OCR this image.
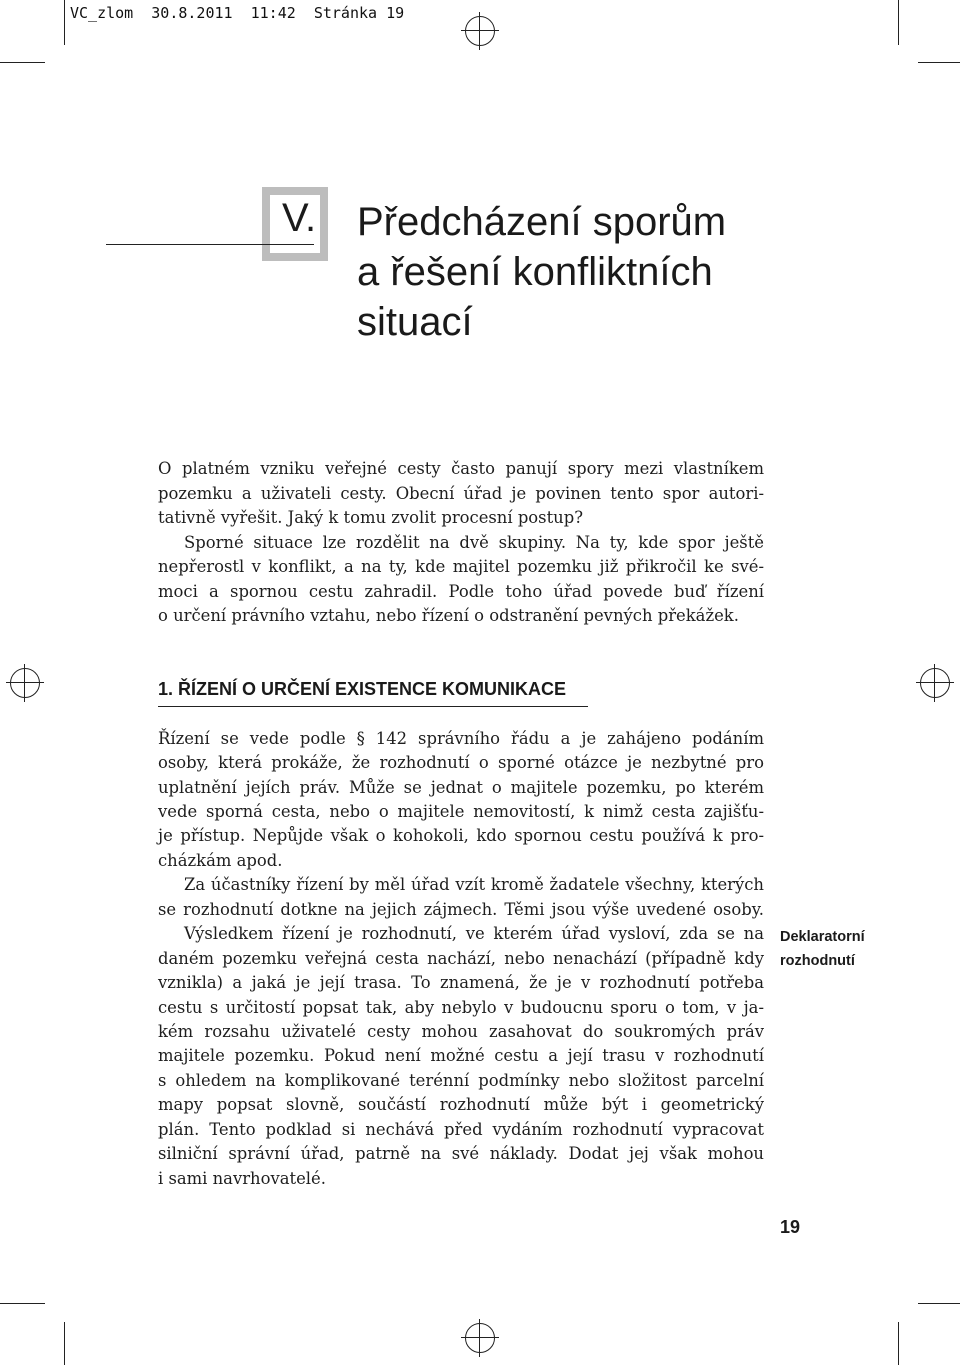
VC_zlom  30.8.2011  11:42  Stránka 19
V. Předcházení sporům
a řešení konfliktních
situací
O platném vzniku veřejné cesty často panují spory mezi vlastníkem
pozemku a uživateli cesty. Obecní úřad je povinen tento spor autori-
tativně vyřešit. Jaký k tomu zvolit procesní postup?
Sporné situace lze rozdělit na dvě skupiny. Na ty, kde spor ještě
nepřerostl v konflikt, a na ty, kde majitel pozemku již přikročil ke své-
moci a spornou cestu zahradil. Podle toho úřad povede buď řízení
o určení právního vztahu, nebo řízení o odstranění pevných překážek.
1. ŘÍZENÍ O URČENÍ EXISTENCE KOMUNIKACE
Řízení se vede podle § 142 správního řádu a je zahájeno podáním
osoby, která prokáže, že rozhodnutí o sporné otázce je nezbytné pro
uplatnění jejích práv. Může se jednat o majitele pozemku, po kterém
vede sporná cesta, nebo o majitele nemovitostí, k nimž cesta zajišťu-
je přístup. Nepůjde však o kohokoli, kdo spornou cestu používá k pro-
cházkám apod.
Za účastníky řízení by měl úřad vzít kromě žadatele všechny, kterých
se rozhodnutí dotkne na jejich zájmech. Těmi jsou výše uvedené osoby.
Výsledkem řízení je rozhodnutí, ve kterém úřad vysloví, zda se na
daném pozemku veřejná cesta nachází, nebo nenachází (případně kdy
vznikla) a jaká je její trasa. To znamená, že je v rozhodnutí potřeba
cestu s určitostí popsat tak, aby nebylo v budoucnu sporu o tom, v ja-
kém rozsahu uživatelé cesty mohou zasahovat do soukromých práv
majitele pozemku. Pokud není možné cestu a její trasu v rozhodnutí
s ohledem na komplikované terénní podmínky nebo složitost parcelní
mapy popsat slovně, součástí rozhodnutí může být i geometrický
plán. Tento podklad si nechává před vydáním rozhodnutí vypracovat
silniční správní úřad, patrně na své náklady. Dodat jej však mohou
i sami navrhovatelé.
Deklaratorní
rozhodnutí
19
